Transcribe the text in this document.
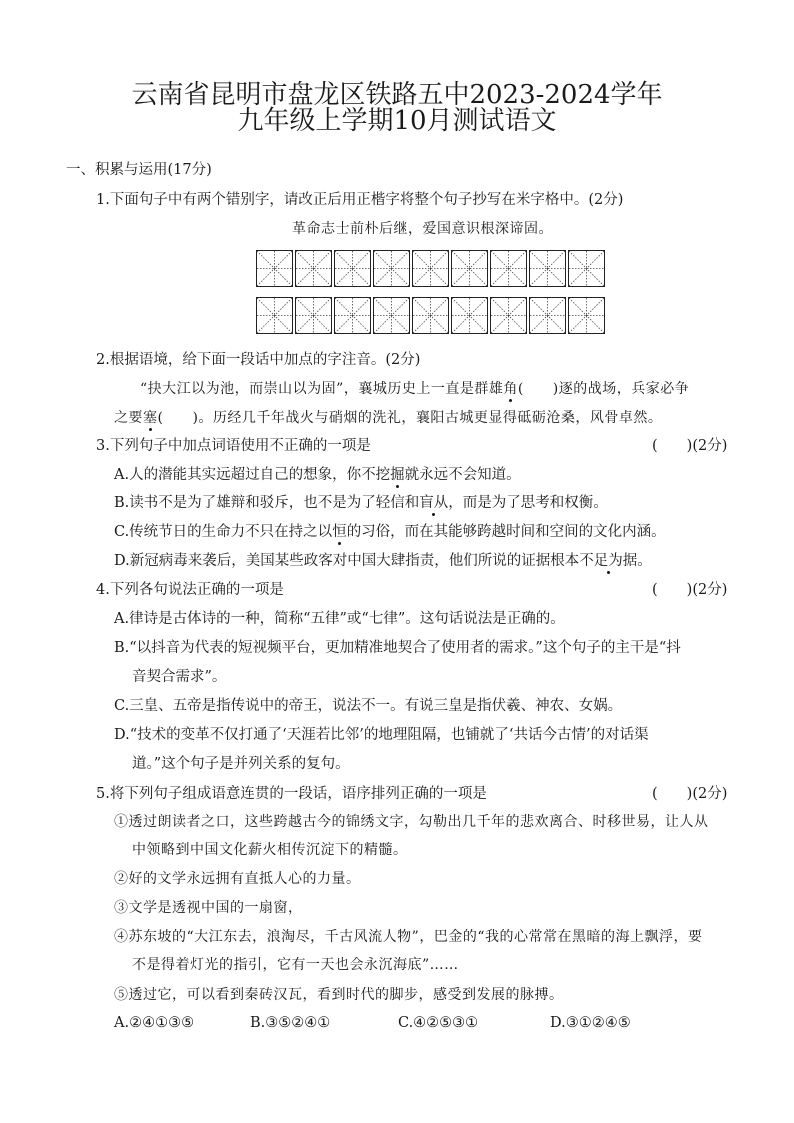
云南省昆明市盘龙区铁路五中2023-2024学年
九年级上学期10月测试语文
一、积累与运用(17分)
1.下面句子中有两个错别字，请改正后用正楷字将整个句子抄写在米字格中。(2分)
革命志士前朴后继，爱国意识根深谛固。
2.根据语境，给下面一段话中加点的字注音。(2分)
“抉大江以为池，而崇山以为固”，襄城历史上一直是群雄角(　　)逐的战场，兵家必争
之要塞(　　)。历经几千年战火与硝烟的洗礼，襄阳古城更显得砥砺沧桑，风骨卓然。
3.下列句子中加点词语使用不正确的一项是	(　　)(2分)
A.人的潜能其实远超过自己的想象，你不挖掘就永远不会知道。
B.读书不是为了雄辩和驳斥，也不是为了轻信和盲从，而是为了思考和权衡。
C.传统节日的生命力不只在持之以恒的习俗，而在其能够跨越时间和空间的文化内涵。
D.新冠病毒来袭后，美国某些政客对中国大肆指责，他们所说的证据根本不足为据。
4.下列各句说法正确的一项是	(　　)(2分)
A.律诗是古体诗的一种，简称“五律”或“七律”。这句话说法是正确的。
B.“以抖音为代表的短视频平台，更加精准地契合了使用者的需求。”这个句子的主干是“抖
音契合需求”。
C.三皇、五帝是指传说中的帝王，说法不一。有说三皇是指伏羲、神农、女娲。
D.“技术的变革不仅打通了‘天涯若比邻’的地理阻隔，也铺就了‘共话今古情’的对话渠
道。”这个句子是并列关系的复句。
5.将下列句子组成语意连贯的一段话，语序排列正确的一项是	(　　)(2分)
①透过朗读者之口，这些跨越古今的锦绣文字，勾勒出几千年的悲欢离合、时移世易，让人从
中领略到中国文化薪火相传沉淀下的精髓。
②好的文学永远拥有直抵人心的力量。
③文学是透视中国的一扇窗，
④苏东坡的“大江东去，浪淘尽，千古风流人物”，巴金的“我的心常常在黑暗的海上飘浮，要
不是得着灯光的指引，它有一天也会永沉海底”……
⑤透过它，可以看到秦砖汉瓦，看到时代的脚步，感受到发展的脉搏。
A.②④①③⑤	B.③⑤②④①	C.④②⑤③①	D.③①②④⑤
